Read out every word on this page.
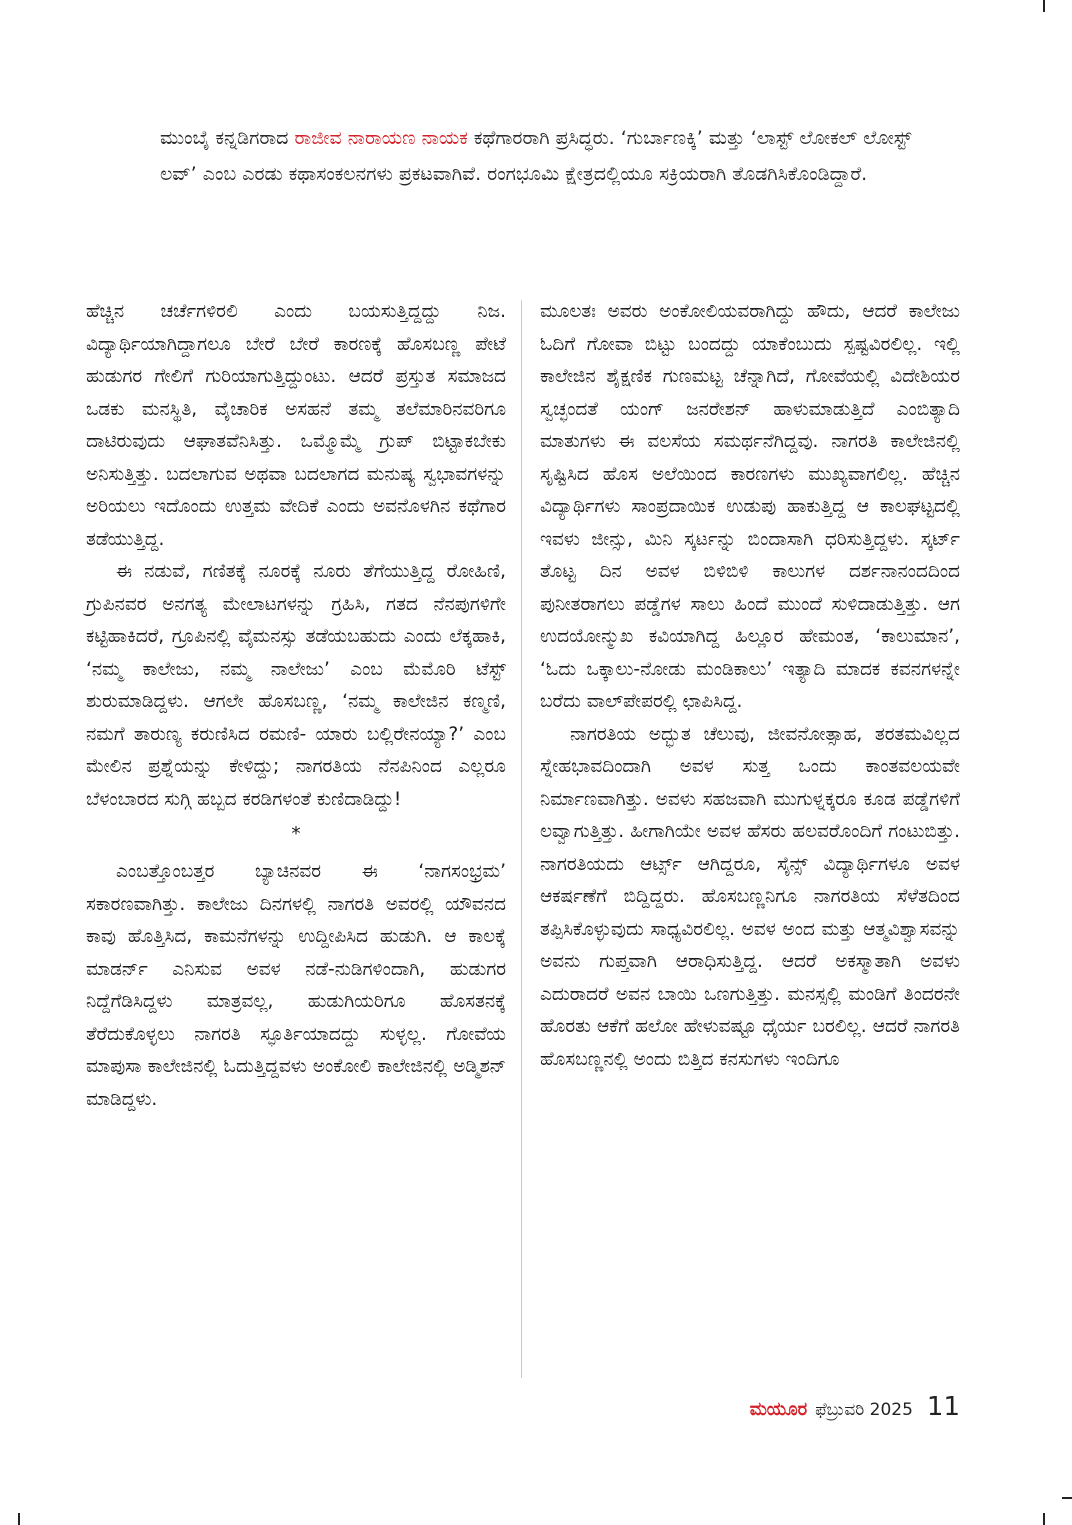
ಮುಂಬೈ ಕನ್ನಡಿಗರಾದ ರಾಜೀವ ನಾರಾಯಣ ನಾಯಕ ಕಥೆಗಾರರಾಗಿ ಪ್ರಸಿದ್ಧರು. ‘ಗುರ್ಬಾಣಕ್ಕಿ’ ಮತ್ತು ‘ಲಾಸ್ಟ್ ಲೋಕಲ್ ಲೋಸ್ಟ್ ಲವ್’ ಎಂಬ ಎರಡು ಕಥಾಸಂಕಲನಗಳು ಪ್ರಕಟವಾಗಿವೆ. ರಂಗಭೂಮಿ ಕ್ಷೇತ್ರದಲ್ಲಿಯೂ ಸಕ್ರಿಯರಾಗಿ ತೊಡಗಿಸಿಕೊಂಡಿದ್ದಾರೆ.

ಹೆಚ್ಚಿನ ಚರ್ಚೆಗಳಿರಲಿ ಎಂದು ಬಯಸುತ್ತಿದ್ದದ್ದು ನಿಜ. ವಿದ್ಯಾರ್ಥಿಯಾಗಿದ್ದಾಗಲೂ ಬೇರೆ ಬೇರೆ ಕಾರಣಕ್ಕೆ ಹೊಸಬಣ್ಣ ಪೇಟೆ ಹುಡುಗರ ಗೇಲಿಗೆ ಗುರಿಯಾಗುತ್ತಿದ್ದುಂಟು. ಆದರೆ ಪ್ರಸ್ತುತ ಸಮಾಜದ ಒಡಕು ಮನಸ್ಥಿತಿ, ವೈಚಾರಿಕ ಅಸಹನೆ ತಮ್ಮ ತಲೆಮಾರಿನವರಿಗೂ ದಾಟಿರುವುದು ಆಘಾತವೆನಿಸಿತ್ತು. ಒಮ್ಮೊಮ್ಮೆ ಗ್ರುಪ್ ಬಿಟ್ಟಾಕಬೇಕು ಅನಿಸುತ್ತಿತ್ತು. ಬದಲಾಗುವ ಅಥವಾ ಬದಲಾಗದ ಮನುಷ್ಯ ಸ್ವಭಾವಗಳನ್ನು ಅರಿಯಲು ಇದೊಂದು ಉತ್ತಮ ವೇದಿಕೆ ಎಂದು ಅವನೊಳಗಿನ ಕಥೆಗಾರ ತಡೆಯುತ್ತಿದ್ದ.

ಈ ನಡುವೆ, ಗಣಿತಕ್ಕೆ ನೂರಕ್ಕೆ ನೂರು ತೆಗೆಯುತ್ತಿದ್ದ ರೋಹಿಣಿ, ಗ್ರುಪಿನವರ ಅನಗತ್ಯ ಮೇಲಾಟಗಳನ್ನು ಗ್ರಹಿಸಿ, ಗತದ ನೆನಪುಗಳಿಗೇ ಕಟ್ಟಿಹಾಕಿದರೆ, ಗ್ರೂಪಿನಲ್ಲಿ ವೈಮನಸ್ಸು ತಡೆಯಬಹುದು ಎಂದು ಲೆಕ್ಕಹಾಕಿ, ‘ನಮ್ಮ ಕಾಲೇಜು, ನಮ್ಮ ನಾಲೇಜು’ ಎಂಬ ಮೆಮೊರಿ ಟೆಸ್ಟ್ ಶುರುಮಾಡಿದ್ದಳು. ಆಗಲೇ ಹೊಸಬಣ್ಣ, ‘ನಮ್ಮ ಕಾಲೇಜಿನ ಕಣ್ಮಣಿ, ನಮಗೆ ತಾರುಣ್ಯ ಕರುಣಿಸಿದ ರಮಣಿ- ಯಾರು ಬಲ್ಲಿರೇನಯ್ಯಾ?’ ಎಂಬ ಮೇಲಿನ ಪ್ರಶ್ನೆಯನ್ನು ಕೇಳಿದ್ದು; ನಾಗರತಿಯ ನೆನಪಿನಿಂದ ಎಲ್ಲರೂ ಬೆಳಂಬಾರದ ಸುಗ್ಗಿ ಹಬ್ಬದ ಕರಡಿಗಳಂತೆ ಕುಣಿದಾಡಿದ್ದು!

*

ಎಂಬತ್ತೊಂಬತ್ತರ ಬ್ಯಾಚಿನವರ ಈ ‘ನಾಗಸಂಭ್ರಮ’ ಸಕಾರಣವಾಗಿತ್ತು. ಕಾಲೇಜು ದಿನಗಳಲ್ಲಿ ನಾಗರತಿ ಅವರಲ್ಲಿ ಯೌವನದ ಕಾವು ಹೊತ್ತಿಸಿದ, ಕಾಮನೆಗಳನ್ನು ಉದ್ದೀಪಿಸಿದ ಹುಡುಗಿ. ಆ ಕಾಲಕ್ಕೆ ಮಾಡರ್ನ್ ಎನಿಸುವ ಅವಳ ನಡೆ-ನುಡಿಗಳಿಂದಾಗಿ, ಹುಡುಗರ ನಿದ್ದೆಗೆಡಿಸಿದ್ದಳು ಮಾತ್ರವಲ್ಲ, ಹುಡುಗಿಯರಿಗೂ ಹೊಸತನಕ್ಕೆ ತೆರೆದುಕೊಳ್ಳಲು ನಾಗರತಿ ಸ್ಫೂರ್ತಿಯಾದದ್ದು ಸುಳ್ಳಲ್ಲ. ಗೋವೆಯ ಮಾಪುಸಾ ಕಾಲೇಜಿನಲ್ಲಿ ಓದುತ್ತಿದ್ದವಳು ಅಂಕೋಲಿ ಕಾಲೇಜಿನಲ್ಲಿ ಅಡ್ಮಿಶನ್ ಮಾಡಿದ್ದಳು.

ಮೂಲತಃ ಅವರು ಅಂಕೋಲಿಯವರಾಗಿದ್ದು ಹೌದು, ಆದರೆ ಕಾಲೇಜು ಓದಿಗೆ ಗೋವಾ ಬಿಟ್ಟು ಬಂದದ್ದು ಯಾಕೆಂಬುದು ಸ್ಪಷ್ಟವಿರಲಿಲ್ಲ. ಇಲ್ಲಿ ಕಾಲೇಜಿನ ಶೈಕ್ಷಣಿಕ ಗುಣಮಟ್ಟ ಚೆನ್ನಾಗಿದೆ, ಗೋವೆಯಲ್ಲಿ ವಿದೇಶಿಯರ ಸ್ವಚ್ಛಂದತೆ ಯಂಗ್ ಜನರೇಶನ್ ಹಾಳುಮಾಡುತ್ತಿದೆ ಎಂಬಿತ್ಯಾದಿ ಮಾತುಗಳು ಈ ವಲಸೆಯ ಸಮರ್ಥನೆಗಿದ್ದವು. ನಾಗರತಿ ಕಾಲೇಜಿನಲ್ಲಿ ಸೃಷ್ಟಿಸಿದ ಹೊಸ ಅಲೆಯಿಂದ ಕಾರಣಗಳು ಮುಖ್ಯವಾಗಲಿಲ್ಲ. ಹೆಚ್ಚಿನ ವಿದ್ಯಾರ್ಥಿಗಳು ಸಾಂಪ್ರದಾಯಿಕ ಉಡುಪು ಹಾಕುತ್ತಿದ್ದ ಆ ಕಾಲಘಟ್ಟದಲ್ಲಿ ಇವಳು ಜೀನ್ಸು, ಮಿನಿ ಸ್ಕರ್ಟನ್ನು ಬಿಂದಾಸಾಗಿ ಧರಿಸುತ್ತಿದ್ದಳು. ಸ್ಕರ್ಟ್ ತೊಟ್ಟ ದಿನ ಅವಳ ಬಿಳಿಬಿಳಿ ಕಾಲುಗಳ ದರ್ಶನಾನಂದದಿಂದ ಪುನೀತರಾಗಲು ಪಡ್ಡೆಗಳ ಸಾಲು ಹಿಂದೆ ಮುಂದೆ ಸುಳಿದಾಡುತ್ತಿತ್ತು. ಆಗ ಉದಯೋನ್ಮುಖ ಕವಿಯಾಗಿದ್ದ ಹಿಲ್ಲೂರ ಹೇಮಂತ, ‘ಕಾಲುಮಾನ’, ‘ಓದು ಒಕ್ಕಾಲು-ನೋಡು ಮಂಡಿಕಾಲು’ ಇತ್ಯಾದಿ ಮಾದಕ ಕವನಗಳನ್ನೇ ಬರೆದು ವಾಲ್‌ಪೇಪರಲ್ಲಿ ಛಾಪಿಸಿದ್ದ.

ನಾಗರತಿಯ ಅದ್ಭುತ ಚೆಲುವು, ಜೀವನೋತ್ಸಾಹ, ತರತಮವಿಲ್ಲದ ಸ್ನೇಹಭಾವದಿಂದಾಗಿ ಅವಳ ಸುತ್ತ ಒಂದು ಕಾಂತವಲಯವೇ ನಿರ್ಮಾಣವಾಗಿತ್ತು. ಅವಳು ಸಹಜವಾಗಿ ಮುಗುಳ್ನಕ್ಕರೂ ಕೂಡ ಪಡ್ಡೆಗಳಿಗೆ ಲವ್ವಾಗುತ್ತಿತ್ತು. ಹೀಗಾಗಿಯೇ ಅವಳ ಹೆಸರು ಹಲವರೊಂದಿಗೆ ಗಂಟುಬಿತ್ತು. ನಾಗರತಿಯದು ಆರ್ಟ್ಸ್ ಆಗಿದ್ದರೂ, ಸೈನ್ಸ್ ವಿದ್ಯಾರ್ಥಿಗಳೂ ಅವಳ ಆಕರ್ಷಣೆಗೆ ಬಿದ್ದಿದ್ದರು. ಹೊಸಬಣ್ಣನಿಗೂ ನಾಗರತಿಯ ಸೆಳೆತದಿಂದ ತಪ್ಪಿಸಿಕೊಳ್ಳುವುದು ಸಾಧ್ಯವಿರಲಿಲ್ಲ. ಅವಳ ಅಂದ ಮತ್ತು ಆತ್ಮವಿಶ್ವಾಸವನ್ನು ಅವನು ಗುಪ್ತವಾಗಿ ಆರಾಧಿಸುತ್ತಿದ್ದ. ಆದರೆ ಅಕಸ್ಮಾತಾಗಿ ಅವಳು ಎದುರಾದರೆ ಅವನ ಬಾಯಿ ಒಣಗುತ್ತಿತ್ತು. ಮನಸ್ಸಲ್ಲಿ ಮಂಡಿಗೆ ತಿಂದರನೇ ಹೊರತು ಆಕೆಗೆ ಹಲೋ ಹೇಳುವಷ್ಟೂ ಧೈರ್ಯ ಬರಲಿಲ್ಲ. ಆದರೆ ನಾಗರತಿ ಹೊಸಬಣ್ಣನಲ್ಲಿ ಅಂದು ಬಿತ್ತಿದ ಕನಸುಗಳು ಇಂದಿಗೂ

ಮಯೂರ ಫೆಬ್ರುವರಿ 2025 11
